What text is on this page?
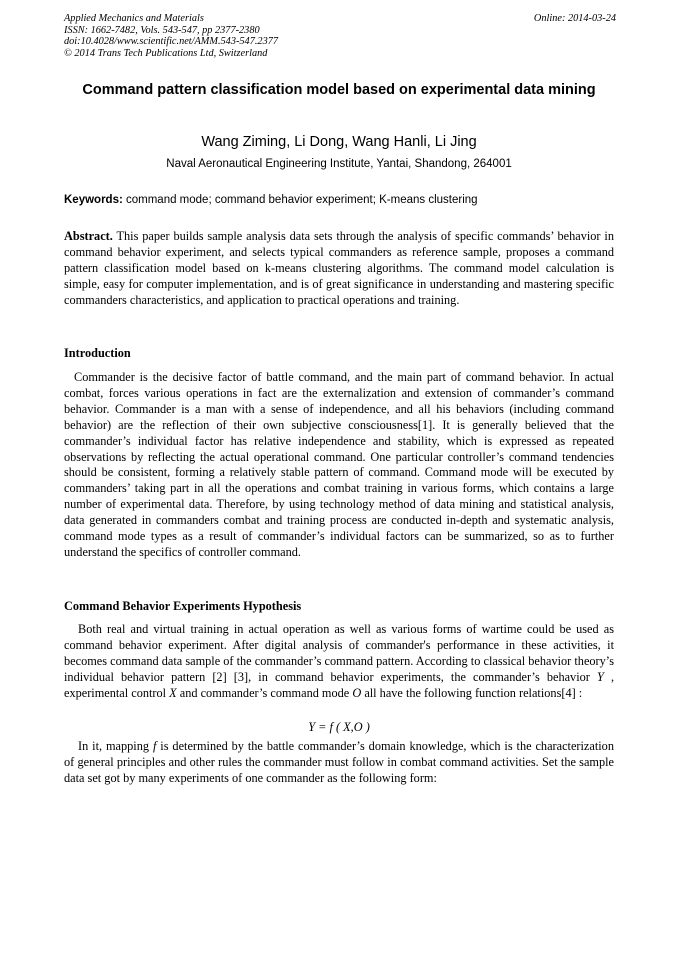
Applied Mechanics and Materials
ISSN: 1662-7482, Vols. 543-547, pp 2377-2380
doi:10.4028/www.scientific.net/AMM.543-547.2377
© 2014 Trans Tech Publications Ltd, Switzerland
Online: 2014-03-24
Command pattern classification model based on experimental data mining
Wang Ziming, Li Dong, Wang Hanli, Li Jing
Naval Aeronautical Engineering Institute, Yantai, Shandong, 264001
Keywords: command mode; command behavior experiment; K-means clustering
Abstract. This paper builds sample analysis data sets through the analysis of specific commands’ behavior in command behavior experiment, and selects typical commanders as reference sample, proposes a command pattern classification model based on k-means clustering algorithms. The command model calculation is simple, easy for computer implementation, and is of great significance in understanding and mastering specific commanders characteristics, and application to practical operations and training.
Introduction
Commander is the decisive factor of battle command, and the main part of command behavior. In actual combat, forces various operations in fact are the externalization and extension of commander’s command behavior. Commander is a man with a sense of independence, and all his behaviors (including command behavior) are the reflection of their own subjective consciousness[1]. It is generally believed that the commander’s individual factor has relative independence and stability, which is expressed as repeated observations by reflecting the actual operational command. One particular controller’s command tendencies should be consistent, forming a relatively stable pattern of command. Command mode will be executed by commanders’ taking part in all the operations and combat training in various forms, which contains a large number of experimental data. Therefore, by using technology method of data mining and statistical analysis, data generated in commanders combat and training process are conducted in-depth and systematic analysis, command mode types as a result of commander’s individual factors can be summarized, so as to further understand the specifics of controller command.
Command Behavior Experiments Hypothesis
Both real and virtual training in actual operation as well as various forms of wartime could be used as command behavior experiment. After digital analysis of commander's performance in these activities, it becomes command data sample of the commander’s command pattern. According to classical behavior theory’s individual behavior pattern [2] [3], in command behavior experiments, the commander’s behavior Y , experimental control X and commander’s command mode O all have the following function relations[4] :
Y = f ( X,O )
In it, mapping f is determined by the battle commander’s domain knowledge, which is the characterization of general principles and other rules the commander must follow in combat command activities. Set the sample data set got by many experiments of one commander as the following form:
